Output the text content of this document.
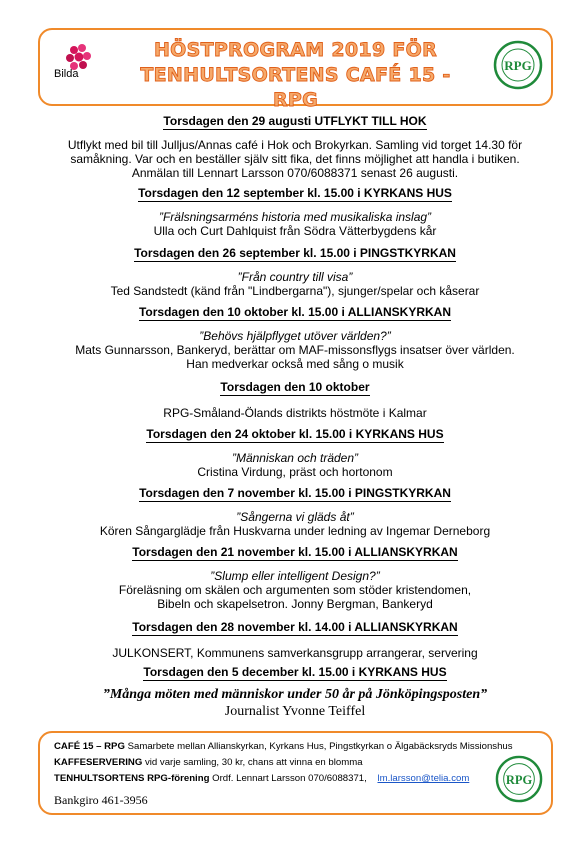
Bilda
HÖSTPROGRAM 2019 FÖR
TENHULTSORTENS CAFÉ 15 - RPG
RPG
Torsdagen den 29 augusti UTFLYKT TILL HOK
Utflykt med bil till Julljus/Annas café i Hok och Brokyrkan. Samling vid torget 14.30 för
samåkning. Var och en beställer själv sitt fika, det finns möjlighet att handla i butiken.
Anmälan till Lennart Larsson 070/6088371 senast 26 augusti.
Torsdagen den 12 september kl. 15.00 i KYRKANS HUS
”Frälsningsarméns historia med musikaliska inslag”
Ulla och Curt Dahlquist från Södra Vätterbygdens kår
Torsdagen den 26 september kl. 15.00 i PINGSTKYRKAN
”Från country till visa”
Ted Sandstedt (känd från "Lindbergarna"), sjunger/spelar och kåserar
Torsdagen den 10 oktober kl. 15.00 i ALLIANSKYRKAN
”Behövs hjälpflyget utöver världen?”
Mats Gunnarsson, Bankeryd, berättar om MAF-missonsflygs insatser över världen.
Han medverkar också med sång o musik
Torsdagen den 10 oktober
RPG-Småland-Ölands distrikts höstmöte i Kalmar
Torsdagen den 24 oktober kl. 15.00 i KYRKANS HUS
”Människan och träden”
Cristina Virdung, präst och hortonom
Torsdagen den 7 november kl. 15.00 i PINGSTKYRKAN
”Sångerna vi gläds åt”
Kören Sångarglädje från Huskvarna under ledning av Ingemar Derneborg
Torsdagen den 21 november kl. 15.00 i ALLIANSKYRKAN
”Slump eller intelligent Design?”
Föreläsning om skälen och argumenten som stöder kristendomen,
Bibeln och skapelsetron. Jonny Bergman, Bankeryd
Torsdagen den 28 november kl. 14.00 i ALLIANSKYRKAN
JULKONSERT, Kommunens samverkansgrupp arrangerar, servering
Torsdagen den 5 december kl. 15.00 i KYRKANS HUS
”Många möten med människor under 50 år på Jönköpingsposten”
Journalist Yvonne Teiffel
CAFÉ 15 – RPG Samarbete mellan Allianskyrkan, Kyrkans Hus, Pingstkyrkan o Älgabäcksryds Missionshus
KAFFESERVERING vid varje samling, 30 kr, chans att vinna en blomma
TENHULTSORTENS RPG-förening Ordf. Lennart Larsson 070/6088371, lm.larsson@telia.com
Bankgiro 461-3956
RPG
